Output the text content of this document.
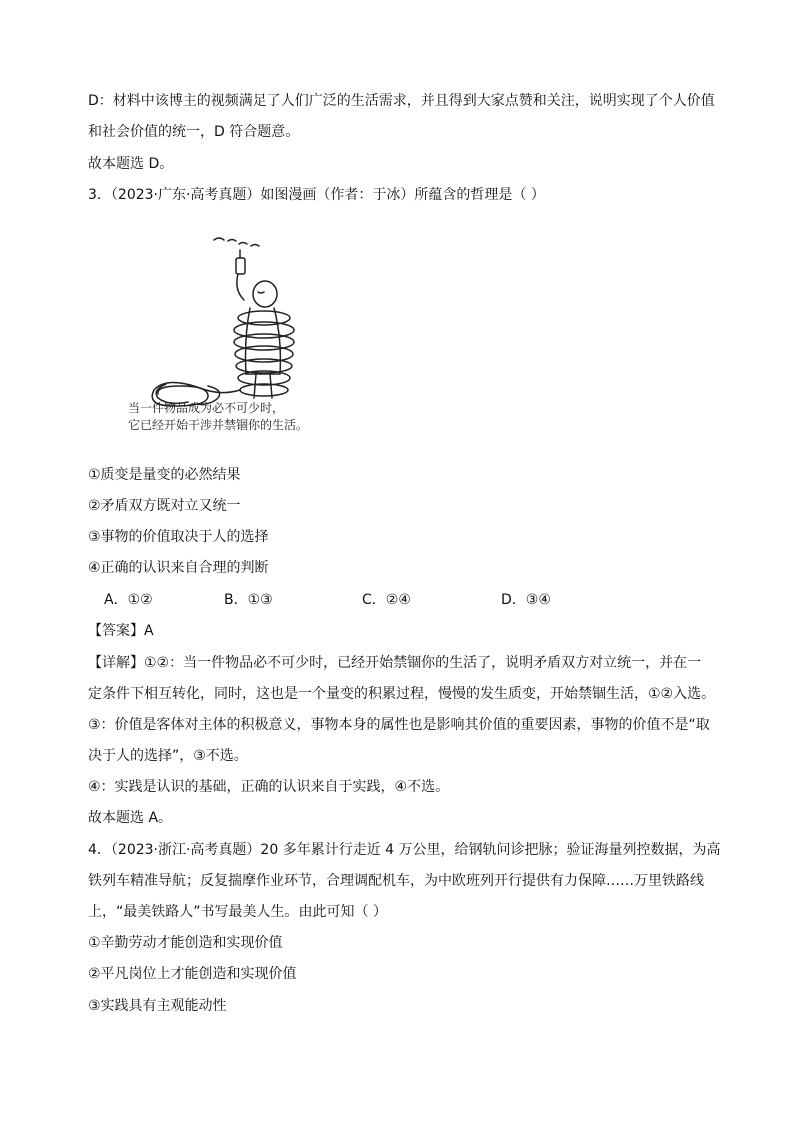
D：材料中该博主的视频满足了人们广泛的生活需求，并且得到大家点赞和关注，说明实现了个人价值

和社会价值的统一，D 符合题意。

故本题选 D。

3．（2023·广东·高考真题）如图漫画（作者：于冰）所蕴含的哲理是（ ）

当一件物品成为必不可少时，
它已经开始干涉并禁锢你的生活。

①质变是量变的必然结果

②矛盾双方既对立又统一

③事物的价值取决于人的选择

④正确的认识来自合理的判断

A．①②	B．①③	C．②④	D．③④

【答案】A

【详解】①②：当一件物品必不可少时，已经开始禁锢你的生活了，说明矛盾双方对立统一，并在一

定条件下相互转化，同时，这也是一个量变的积累过程，慢慢的发生质变，开始禁锢生活，①②入选。

③：价值是客体对主体的积极意义，事物本身的属性也是影响其价值的重要因素，事物的价值不是“取

决于人的选择”，③不选。

④：实践是认识的基础，正确的认识来自于实践，④不选。

故本题选 A。

4．（2023·浙江·高考真题）20 多年累计行走近 4 万公里，给钢轨问诊把脉；验证海量列控数据，为高

铁列车精准导航；反复揣摩作业环节，合理调配机车，为中欧班列开行提供有力保障……万里铁路线

上，“最美铁路人”书写最美人生。由此可知（ ）

①辛勤劳动才能创造和实现价值

②平凡岗位上才能创造和实现价值

③实践具有主观能动性
